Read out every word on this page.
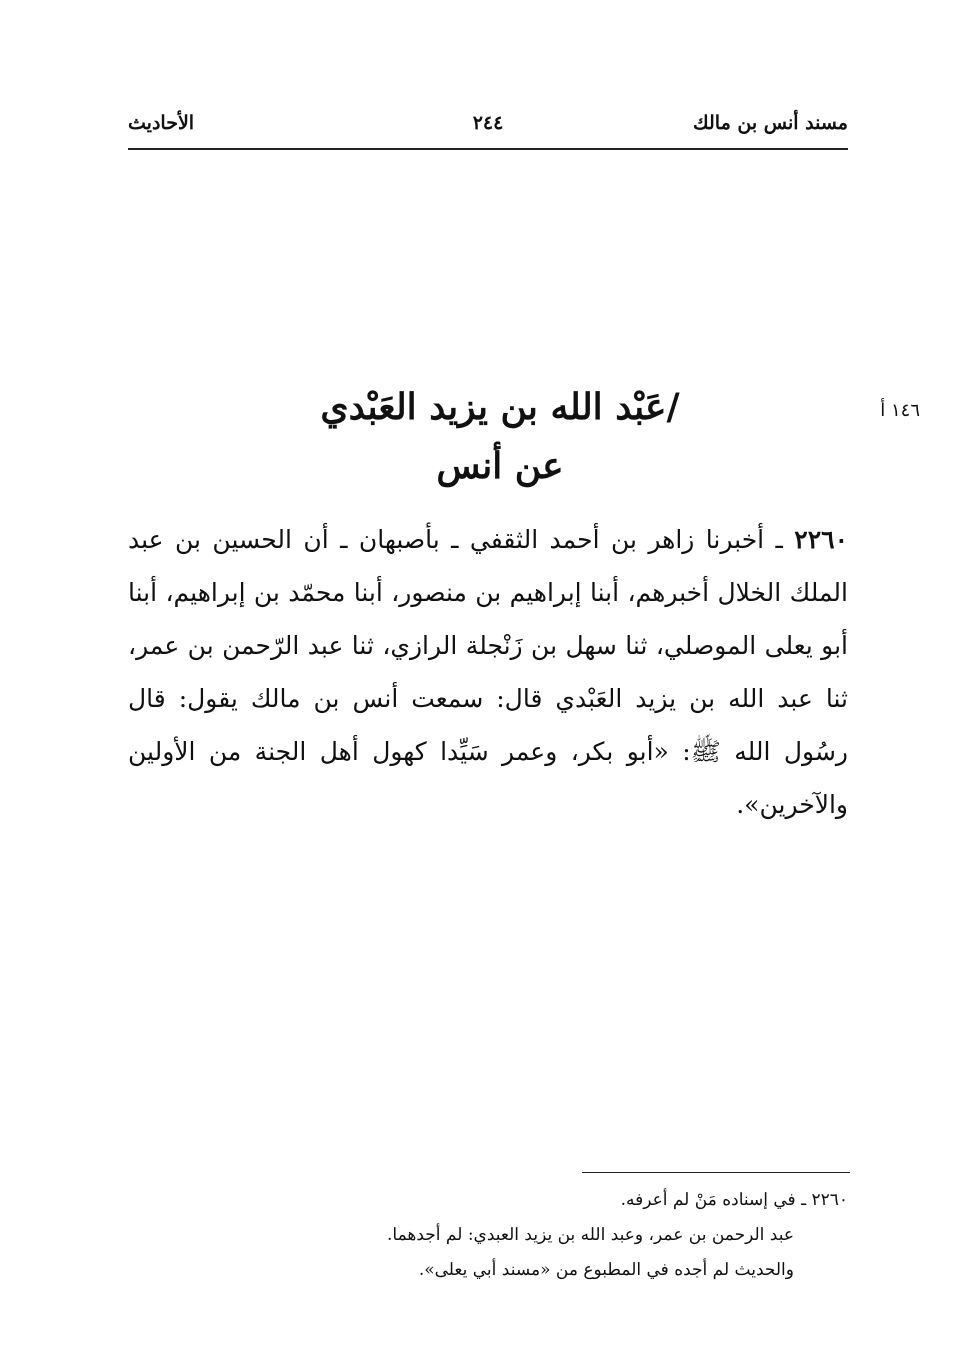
مسند أنس بن مالك
٢٤٤
الأحاديث
١٤٦ أ
/عَبْد الله بن يزيد العَبْدي
عن أنس
٢٢٦٠ ـ أخبرنا زاهر بن أحمد الثقفي ـ بأصبهان ـ أن الحسين بن عبد الملك الخلال أخبرهم، أبنا إبراهيم بن منصور، أبنا محمّد بن إبراهيم، أبنا أبو يعلى الموصلي، ثنا سهل بن زَنْجلة الرازي، ثنا عبد الرّحمن بن عمر، ثنا عبد الله بن يزيد العَبْدي قال: سمعت أنس بن مالك يقول: قال رسُول الله ﷺ: «أبو بكر، وعمر سَيِّدا كهول أهل الجنة من الأولين والآخرين».
٢٢٦٠ ـ في إسناده مَنْ لم أعرفه.
عبد الرحمن بن عمر، وعبد الله بن يزيد العبدي: لم أجدهما.
والحديث لم أجده في المطبوع من «مسند أبي يعلى».
